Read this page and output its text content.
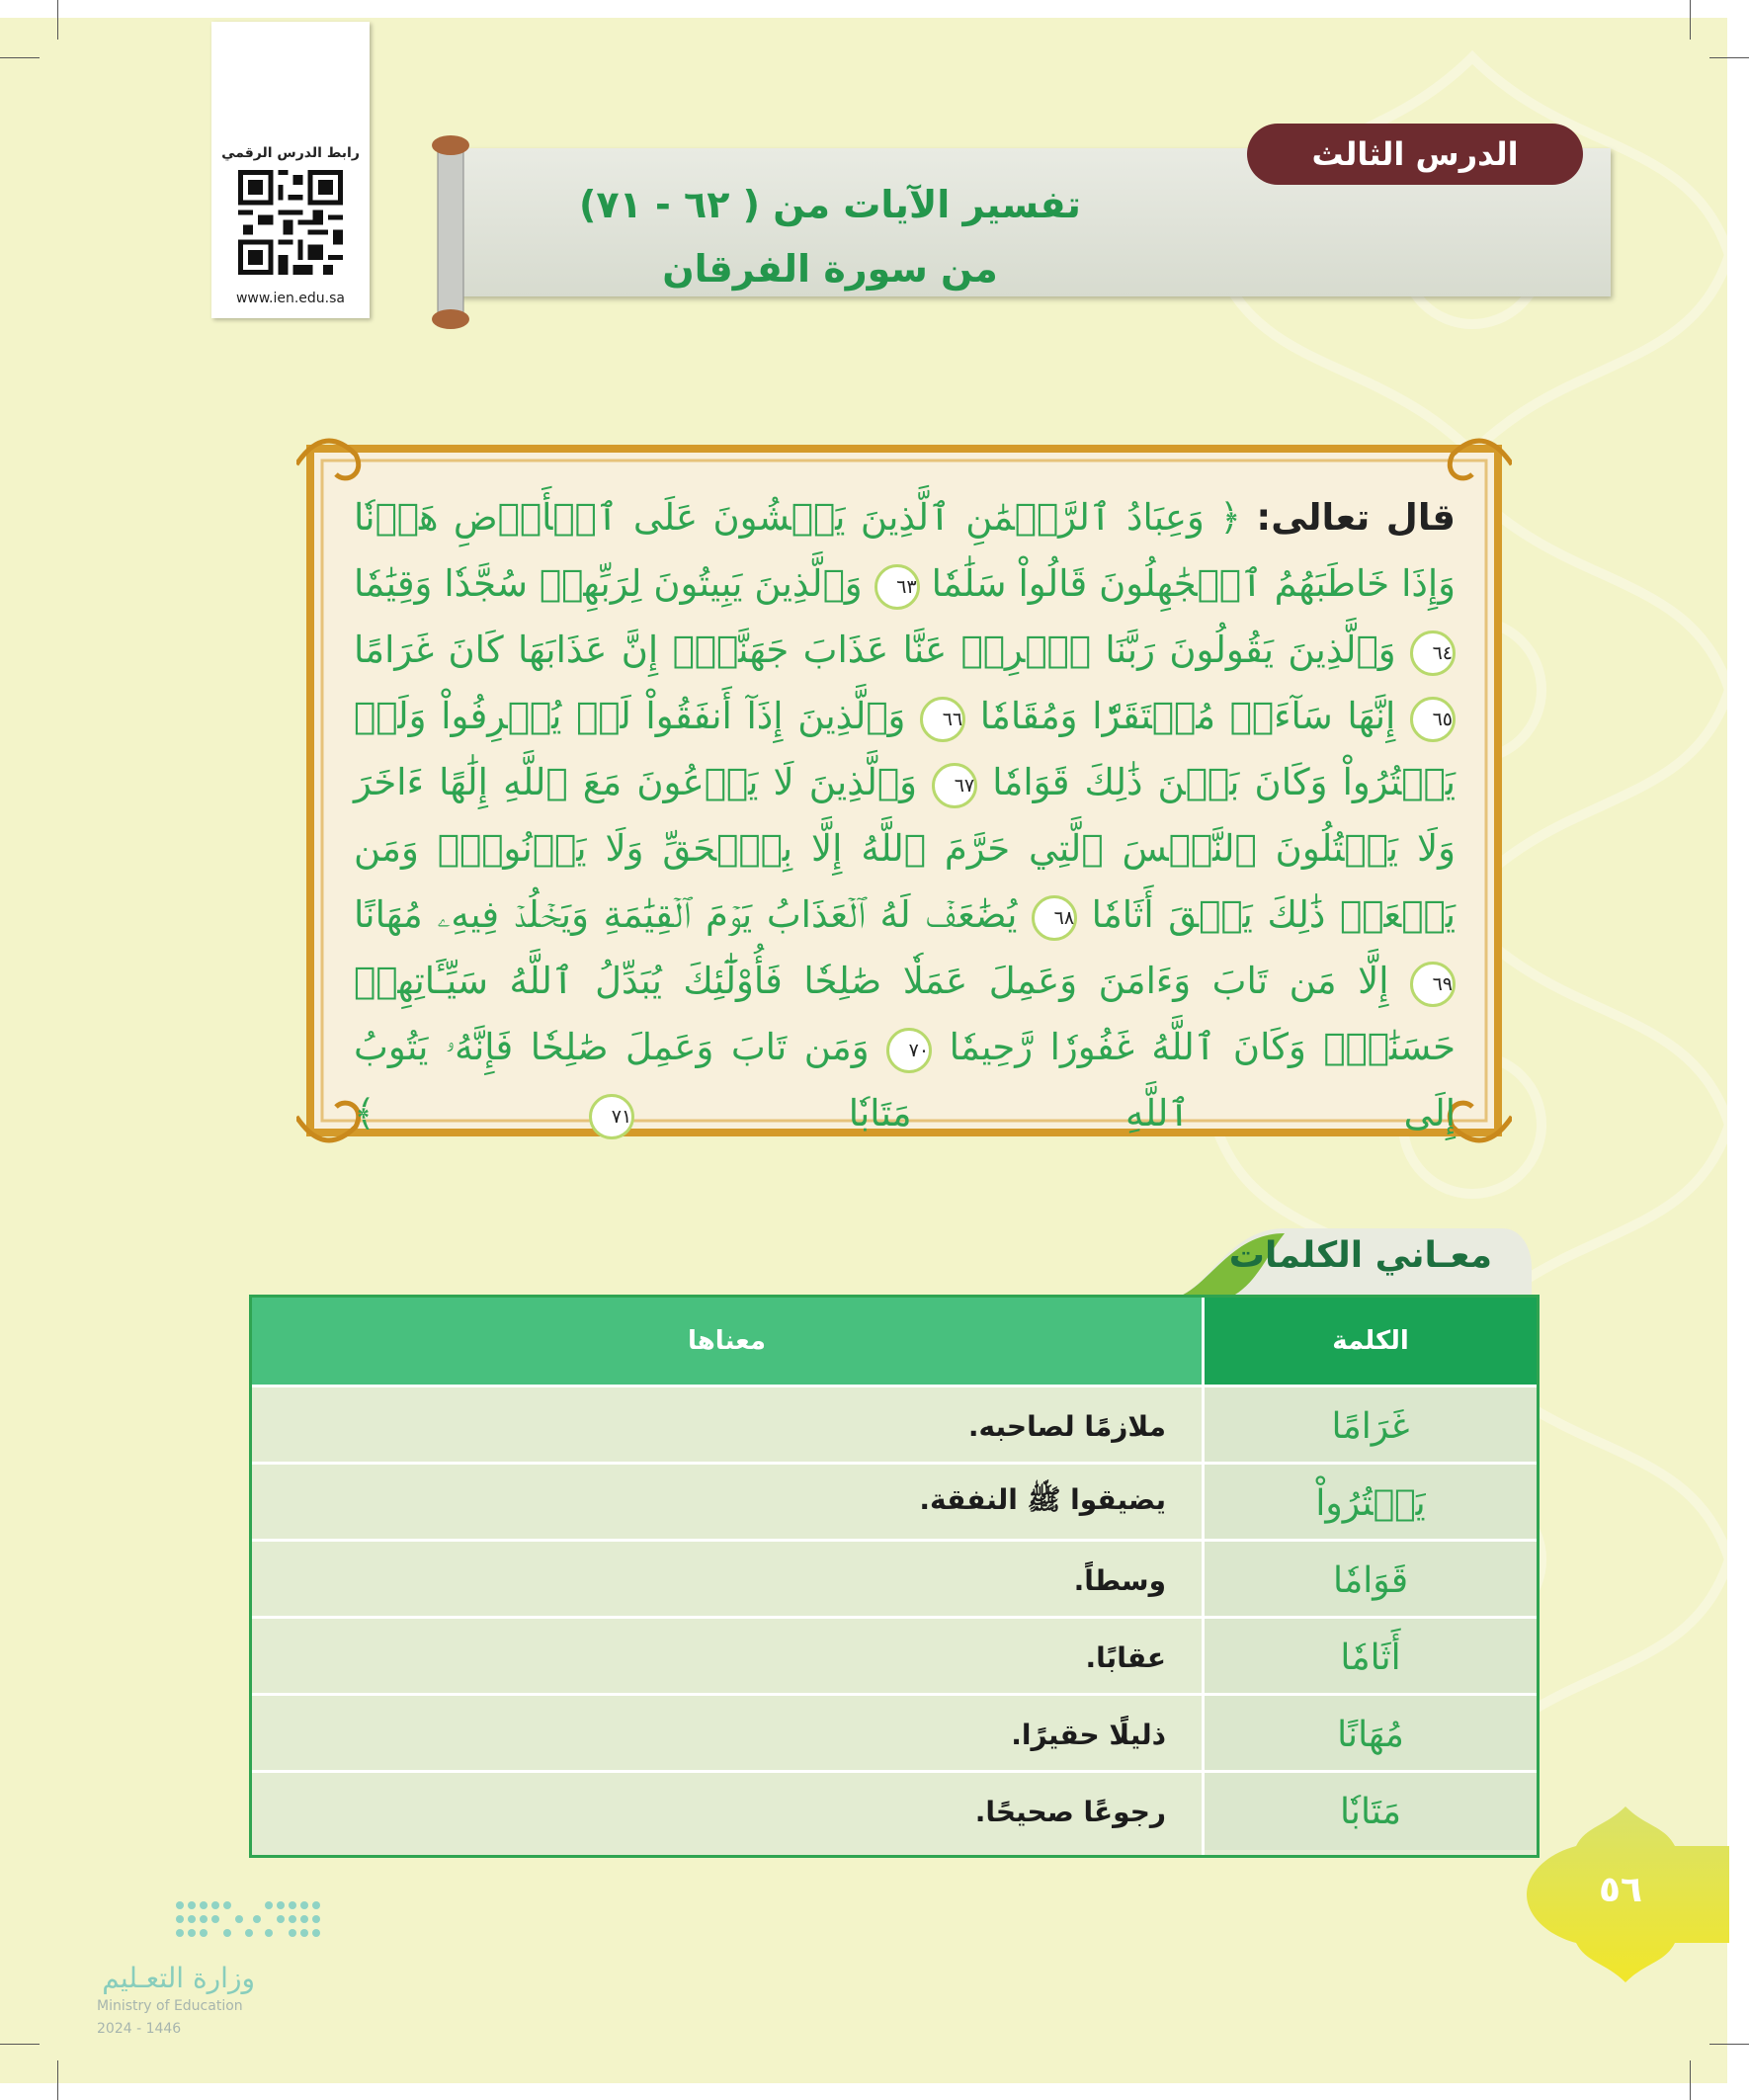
رابط الدرس الرقمي
www.ien.edu.sa
تفسير الآيات من ( ٦٢ - ٧١)
من سورة الفرقان
الدرس الثالث
قال تعالى: ﴿ وَعِبَادُ ٱلرَّحۡمَٰنِ ٱلَّذِينَ يَمۡشُونَ عَلَى ٱلۡأَرۡضِ هَوۡنٗا وَإِذَا خَاطَبَهُمُ ٱلۡجَٰهِلُونَ قَالُواْ سَلَٰمٗا ٦٣ وَٱلَّذِينَ يَبِيتُونَ لِرَبِّهِمۡ سُجَّدٗا وَقِيَٰمٗا ٦٤ وَٱلَّذِينَ يَقُولُونَ رَبَّنَا ٱصۡرِفۡ عَنَّا عَذَابَ جَهَنَّمَۖ إِنَّ عَذَابَهَا كَانَ غَرَامًا ٦٥ إِنَّهَا سَآءَتۡ مُسۡتَقَرّٗا وَمُقَامٗا ٦٦ وَٱلَّذِينَ إِذَآ أَنفَقُواْ لَمۡ يُسۡرِفُواْ وَلَمۡ يَقۡتُرُواْ وَكَانَ بَيۡنَ ذَٰلِكَ قَوَامٗا ٦٧ وَٱلَّذِينَ لَا يَدۡعُونَ مَعَ ٱللَّهِ إِلَٰهًا ءَاخَرَ وَلَا يَقۡتُلُونَ ٱلنَّفۡسَ ٱلَّتِي حَرَّمَ ٱللَّهُ إِلَّا بِٱلۡحَقِّ وَلَا يَزۡنُونَۚ وَمَن يَفۡعَلۡ ذَٰلِكَ يَلۡقَ أَثَامٗا ٦٨ يُضَٰعَفۡ لَهُ ٱلۡعَذَابُ يَوۡمَ ٱلۡقِيَٰمَةِ وَيَخۡلُدۡ فِيهِۦ مُهَانًا ٦٩ إِلَّا مَن تَابَ وَءَامَنَ وَعَمِلَ عَمَلٗا صَٰلِحٗا فَأُوْلَٰٓئِكَ يُبَدِّلُ ٱللَّهُ سَيِّـَٔاتِهِمۡ حَسَنَٰتٖۗ وَكَانَ ٱللَّهُ غَفُورٗا رَّحِيمٗا ٧٠ وَمَن تَابَ وَعَمِلَ صَٰلِحٗا فَإِنَّهُۥ يَتُوبُ إِلَى ٱللَّهِ مَتَابٗا ٧١ ﴾
معـاني الكلمات
معناها	الكلمة
ملازمًا لصاحبه.	غَرَامًا
يضيقوا ﷺ النفقة.	يَقۡتُرُواْ
وسطاً.	قَوَامٗا
عقابًا.	أَثَامٗا
ذليلًا حقيرًا.	مُهَانًا
رجوعًا صحيحًا.	مَتَابٗا
٥٦
وزارة التعـليم
Ministry of Education
2024 - 1446
